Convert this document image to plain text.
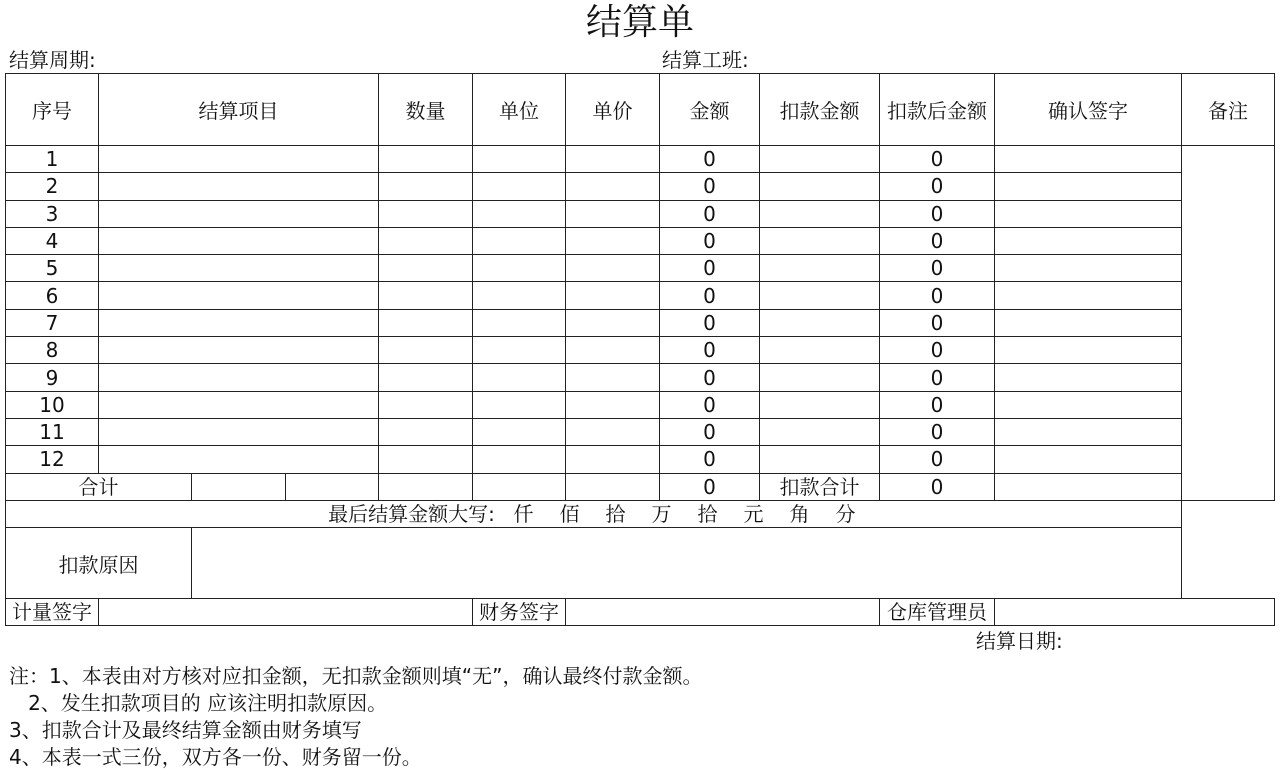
结算单
结算周期:	结算工班:
序号	结算项目			数量	单位	单价	金额	扣款金额	扣款后金额	确认签字	备注
1							0		0		
2							0		0		
3							0		0		
4							0		0		
5							0		0		
6							0		0		
7							0		0		
8							0		0		
9							0		0		
10							0		0		
11							0		0		
12							0		0		
合计							0	扣款合计	0		
最后结算金额大写: 仟 佰 拾 万 拾 元 角 分											
扣款原因											
计量签字					财务签字				仓库管理员		
结算日期:
注：1、本表由对方核对应扣金额，无扣款金额则填“无”，确认最终付款金额。
2、发生扣款项目的 应该注明扣款原因。
3、扣款合计及最终结算金额由财务填写
4、本表一式三份，双方各一份、财务留一份。
